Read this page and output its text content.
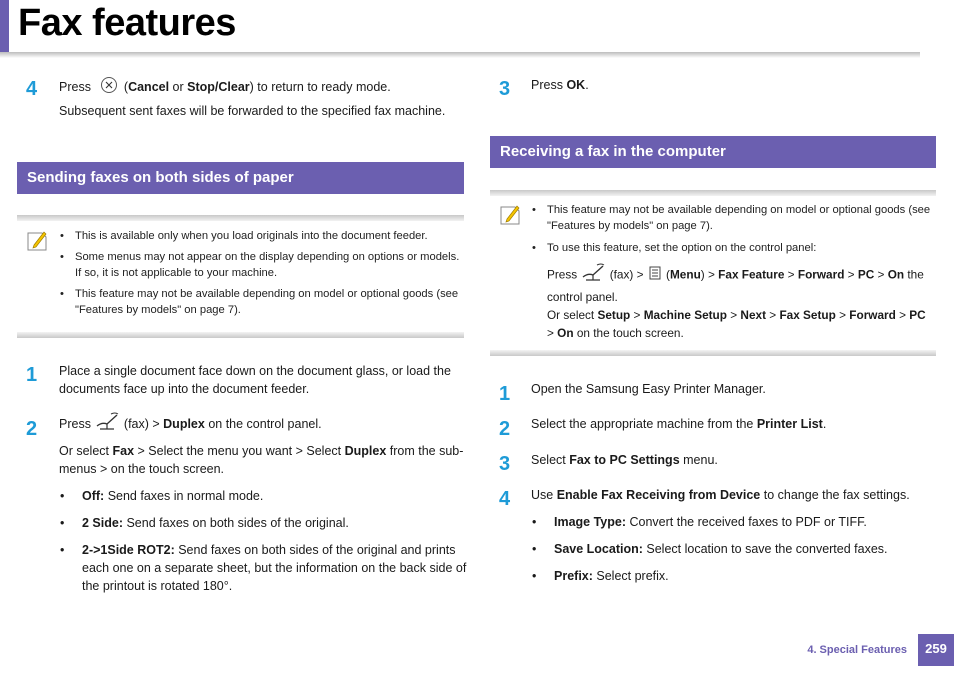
Fax features
4 Press  (Cancel or Stop/Clear) to return to ready mode.
Subsequent sent faxes will be forwarded to the specified fax machine.
Sending faxes on both sides of paper
• This is available only when you load originals into the document feeder.
• Some menus may not appear on the display depending on options or models. If so, it is not applicable to your machine.
• This feature may not be available depending on model or optional goods (see "Features by models" on page 7).
1 Place a single document face down on the document glass, or load the documents face up into the document feeder.
2 Press  (fax) > Duplex on the control panel.
Or select Fax > Select the menu you want > Select Duplex from the sub-menus > on the touch screen.
• Off: Send faxes in normal mode.
• 2 Side: Send faxes on both sides of the original.
• 2->1Side ROT2: Send faxes on both sides of the original and prints each one on a separate sheet, but the information on the back side of the printout is rotated 180°.
3 Press OK.
Receiving a fax in the computer
• This feature may not be available depending on model or optional goods (see "Features by models" on page 7).
• To use this feature, set the option on the control panel:
Press  (fax) >  (Menu) > Fax Feature > Forward > PC > On the control panel.
Or select Setup > Machine Setup > Next > Fax Setup > Forward > PC > On on the touch screen.
1 Open the Samsung Easy Printer Manager.
2 Select the appropriate machine from the Printer List.
3 Select Fax to PC Settings menu.
4 Use Enable Fax Receiving from Device to change the fax settings.
• Image Type: Convert the received faxes to PDF or TIFF.
• Save Location: Select location to save the converted faxes.
• Prefix: Select prefix.
4. Special Features	259
